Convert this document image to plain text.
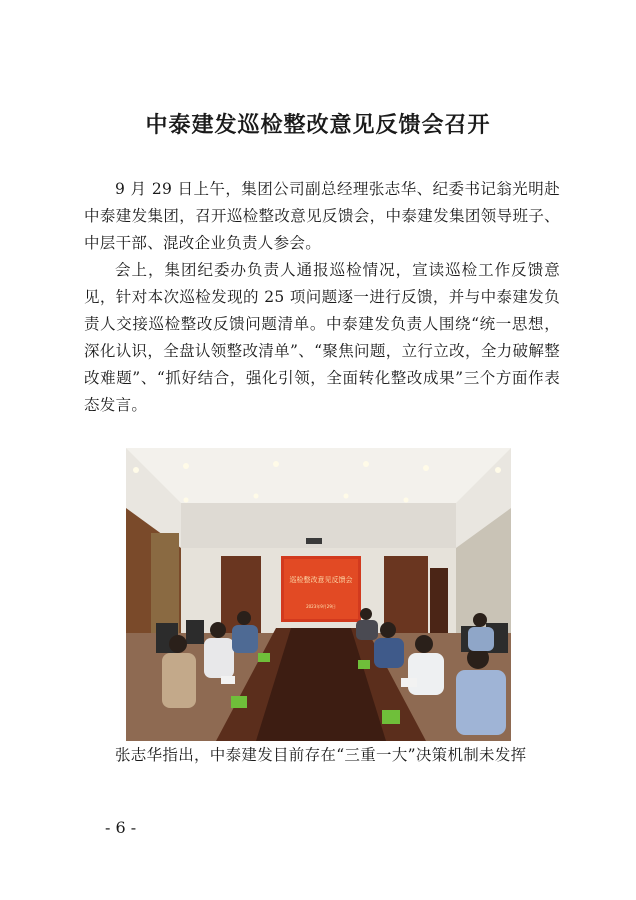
中泰建发巡检整改意见反馈会召开

9 月 29 日上午，集团公司副总经理张志华、纪委书记翁光明赴中泰建发集团，召开巡检整改意见反馈会，中泰建发集团领导班子、中层干部、混改企业负责人参会。

会上，集团纪委办负责人通报巡检情况，宣读巡检工作反馈意见，针对本次巡检发现的 25 项问题逐一进行反馈，并与中泰建发负责人交接巡检整改反馈问题清单。中泰建发负责人围绕“统一思想，深化认识，全盘认领整改清单”、“聚焦问题，立行立改，全力破解整改难题”、“抓好结合，强化引领，全面转化整改成果”三个方面作表态发言。

巡检整改意见反馈会
2023年9月29日

张志华指出，中泰建发目前存在“三重一大”决策机制未发挥

- 6 -
